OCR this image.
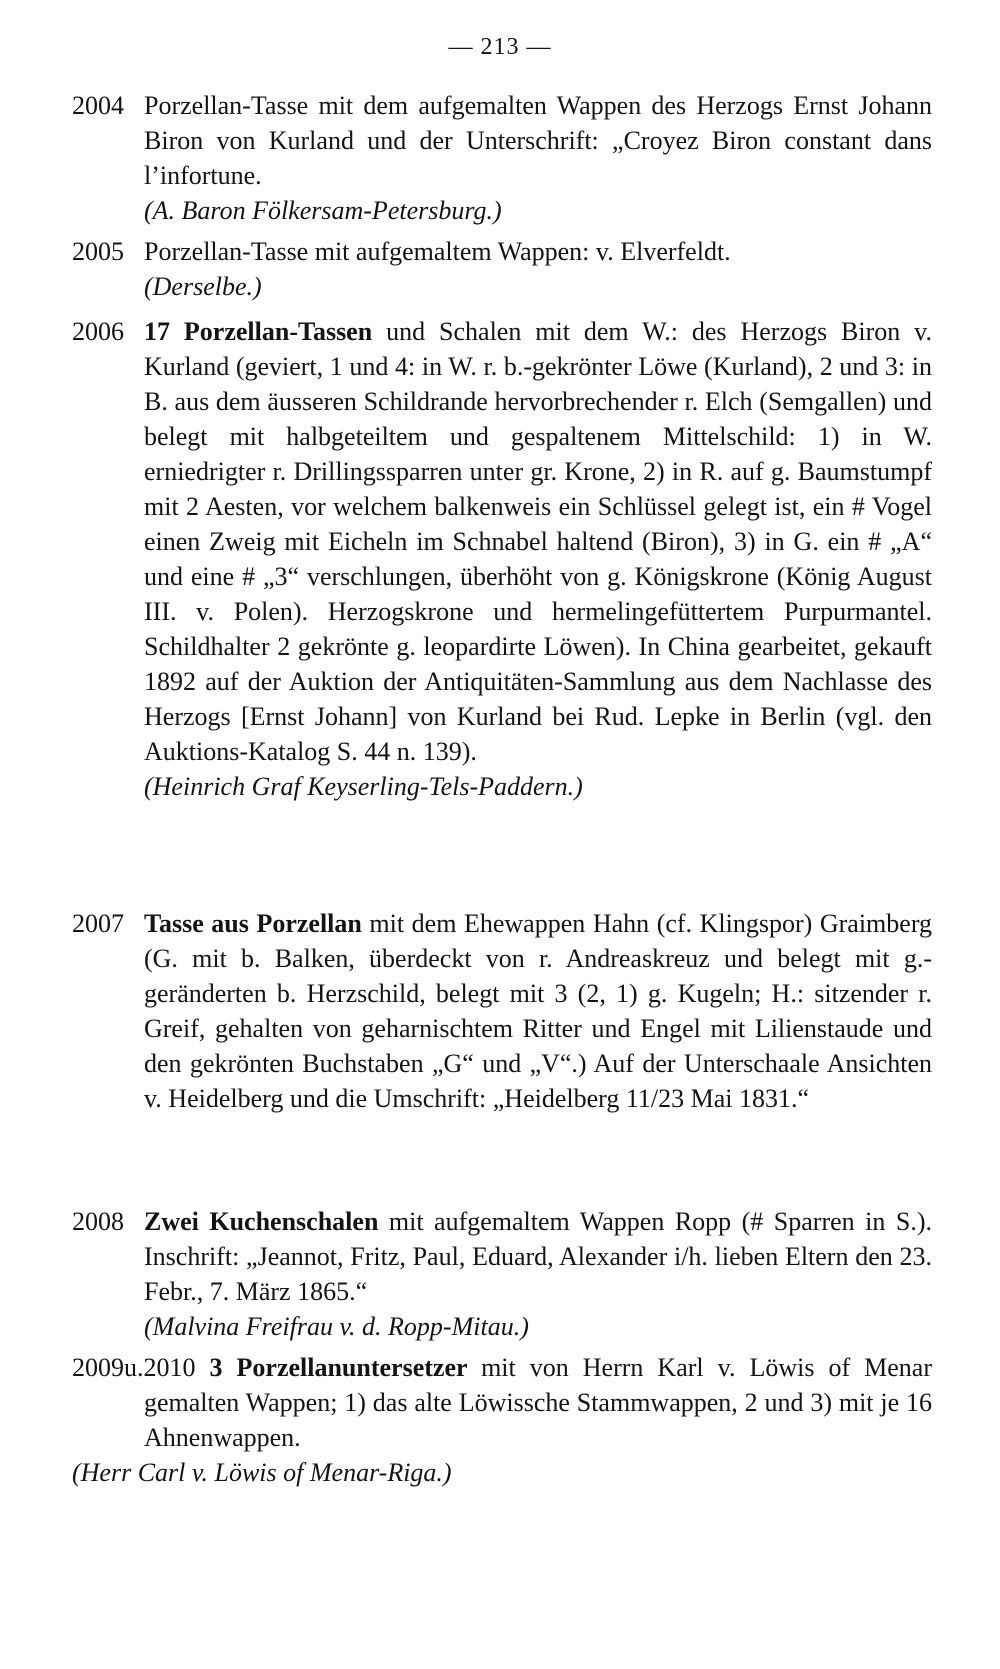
— 213 —
2004 Porzellan-Tasse mit dem aufgemalten Wappen des Herzogs Ernst Johann Biron von Kurland und der Unterschrift: „Croyez Biron constant dans l’infortune.
(A. Baron Fölkersam-Petersburg.)
2005 Porzellan-Tasse mit aufgemaltem Wappen: v. Elverfeldt.
(Derselbe.)
2006 17 Porzellan-Tassen und Schalen mit dem W.: des Herzogs Biron v. Kurland (geviert, 1 und 4: in W. r. b.-gekrönter Löwe (Kurland), 2 und 3: in B. aus dem äusseren Schildrande hervorbrechender r. Elch (Semgallen) und belegt mit halbgeteiltem und gespaltenem Mittelschild: 1) in W. erniedrigter r. Drillingssparren unter gr. Krone, 2) in R. auf g. Baumstumpf mit 2 Aesten, vor welchem balkenweis ein Schlüssel gelegt ist, ein # Vogel einen Zweig mit Eicheln im Schnabel haltend (Biron), 3) in G. ein # „A“ und eine # „3“ verschlungen, überhöht von g. Königskrone (König August III. v. Polen). Herzogskrone und hermelingefüttertem Purpurmantel. Schildhalter 2 gekrönte g. leopardirte Löwen). In China gearbeitet, gekauft 1892 auf der Auktion der Antiquitäten-Sammlung aus dem Nachlasse des Herzogs [Ernst Johann] von Kurland bei Rud. Lepke in Berlin (vgl. den Auktions-Katalog S. 44 n. 139).
(Heinrich Graf Keyserling-Tels-Paddern.)
2007 Tasse aus Porzellan mit dem Ehewappen Hahn (cf. Klingspor) Graimberg (G. mit b. Balken, überdeckt von r. Andreaskreuz und belegt mit g.-geränderten b. Herzschild, belegt mit 3 (2, 1) g. Kugeln; H.: sitzender r. Greif, gehalten von geharnischtem Ritter und Engel mit Lilienstaude und den gekrönten Buchstaben „G“ und „V“.) Auf der Unterschaale Ansichten v. Heidelberg und die Umschrift: „Heidelberg 11/23 Mai 1831.“
2008 Zwei Kuchenschalen mit aufgemaltem Wappen Ropp (# Sparren in S.). Inschrift: „Jeannot, Fritz, Paul, Eduard, Alexander i/h. lieben Eltern den 23. Febr., 7. März 1865.“
(Malvina Freifrau v. d. Ropp-Mitau.)
2009u.2010 3 Porzellanuntersetzer mit von Herrn Karl v. Löwis of Menar gemalten Wappen; 1) das alte Löwissche Stammwappen, 2 und 3) mit je 16 Ahnenwappen.
(Herr Carl v. Löwis of Menar-Riga.)
